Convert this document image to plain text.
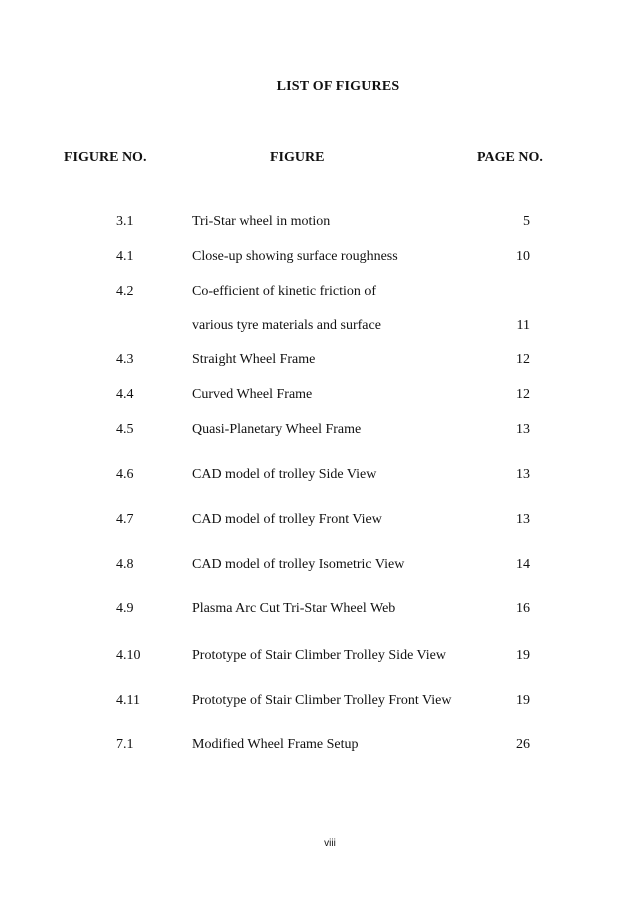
LIST OF FIGURES
FIGURE NO.	FIGURE	PAGE NO.
3.1	Tri-Star wheel in motion	5
4.1	Close-up showing surface roughness	10
4.2	Co-efficient of kinetic friction of
various tyre materials and surface	11
4.3	Straight Wheel Frame	12
4.4	Curved Wheel Frame	12
4.5	Quasi-Planetary Wheel Frame	13
4.6	CAD model of trolley Side View	13
4.7	CAD model of trolley Front View	13
4.8	CAD model of trolley Isometric View	14
4.9	Plasma Arc Cut Tri-Star Wheel Web	16
4.10	Prototype of Stair Climber Trolley Side View	19
4.11	Prototype of Stair Climber Trolley Front View	19
7.1	Modified Wheel Frame Setup	26
viii
